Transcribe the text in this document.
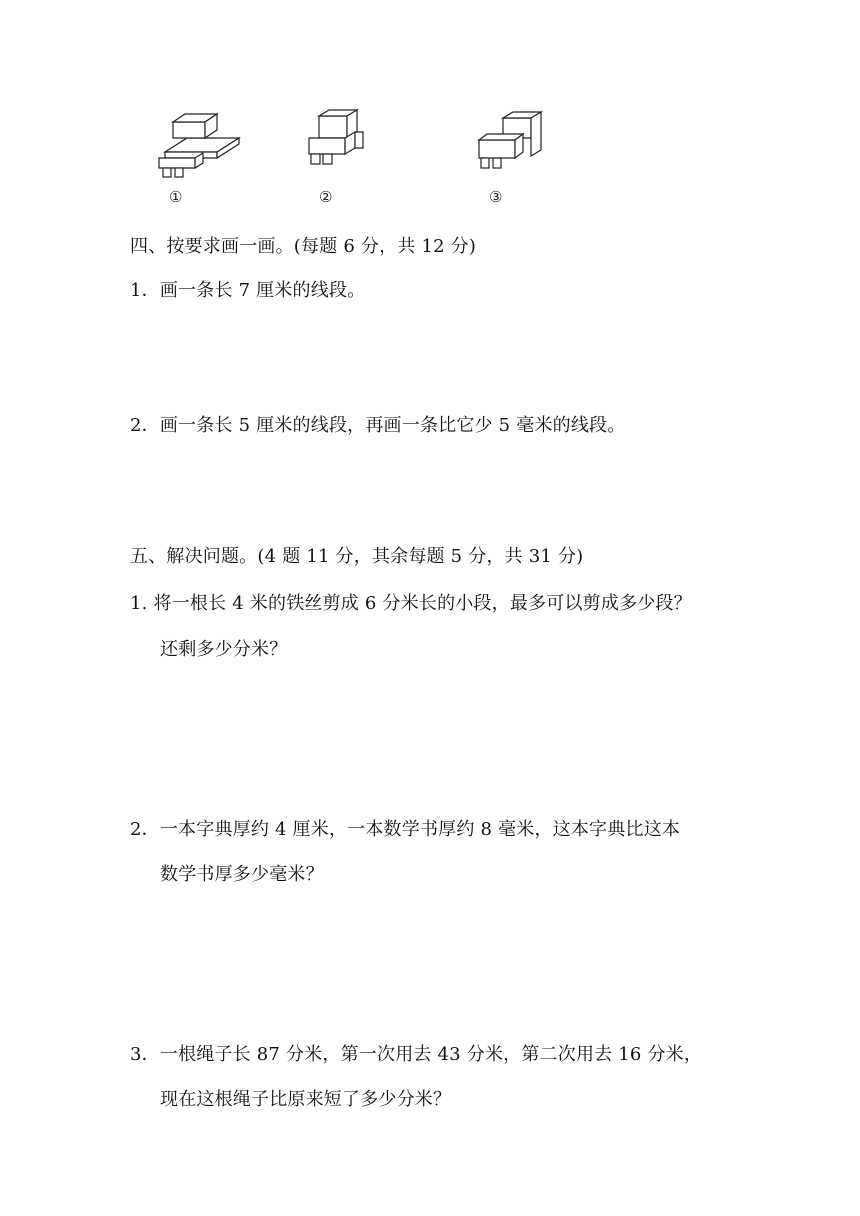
①	②	③
四、按要求画一画。(每题 6 分，共 12 分)
1．画一条长 7 厘米的线段。
2．画一条长 5 厘米的线段，再画一条比它少 5 毫米的线段。
五、解决问题。(4 题 11 分，其余每题 5 分，共 31 分)
1. 将一根长 4 米的铁丝剪成 6 分米长的小段，最多可以剪成多少段？
还剩多少分米？
2．一本字典厚约 4 厘米，一本数学书厚约 8 毫米，这本字典比这本
数学书厚多少毫米？
3．一根绳子长 87 分米，第一次用去 43 分米，第二次用去 16 分米，
现在这根绳子比原来短了多少分米？
